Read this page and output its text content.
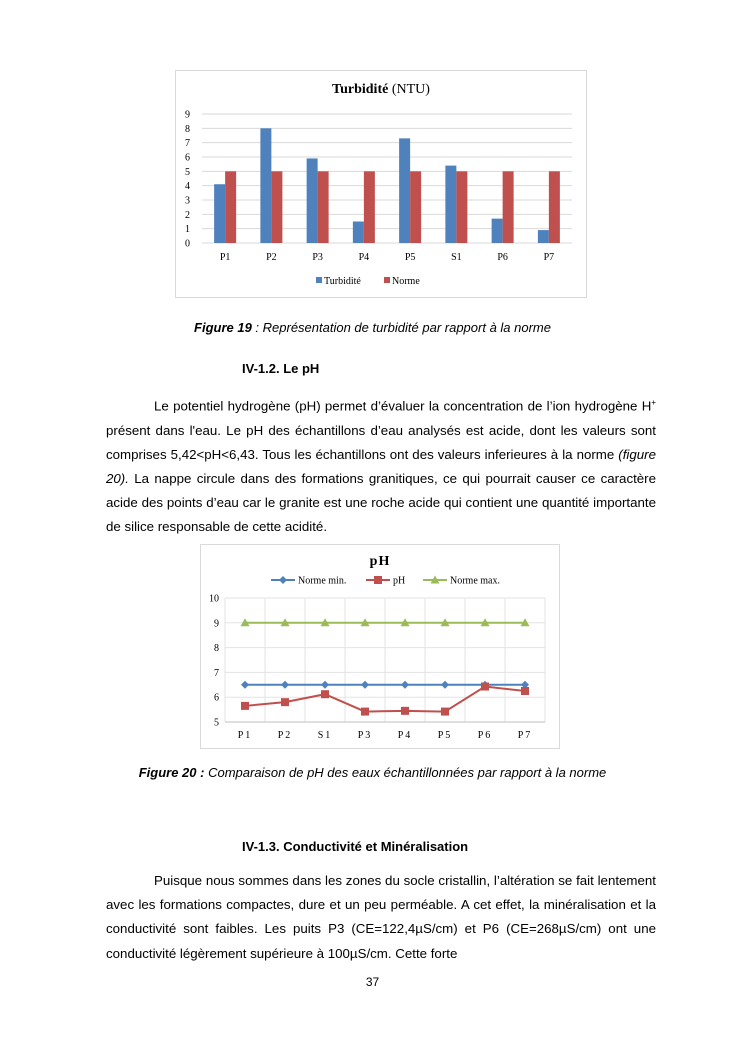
Turbidité (NTU)
0
1
2
3
4
5
6
7
8
9
P1	P2	P3	P4	P5	S1	P6	P7
Turbidité	Norme
Figure 19 : Représentation de turbidité par rapport à la norme
IV-1.2. Le pH
Le potentiel hydrogène (pH) permet d’évaluer la concentration de l’ion hydrogène H+ présent dans l'eau. Le pH des échantillons d’eau analysés est acide, dont les valeurs sont comprises 5,42<pH<6,43. Tous les échantillons ont des valeurs inferieures à la norme (figure 20). La nappe circule dans des formations granitiques, ce qui pourrait causer ce caractère acide des points d’eau car le granite est une roche acide qui contient une quantité importante de silice responsable de cette acidité.
pH
5
6
7
8
9
10
P1	P2	S1	P3	P4	P5	P6	P7
Norme min.	pH	Norme max.
Figure 20 : Comparaison de pH des eaux échantillonnées par rapport à la norme
IV-1.3. Conductivité et Minéralisation
Puisque nous sommes dans les zones du socle cristallin, l’altération se fait lentement avec les formations compactes, dure et un peu perméable. A cet effet, la minéralisation et la conductivité sont faibles. Les puits P3 (CE=122,4µS/cm) et P6 (CE=268µS/cm) ont une conductivité légèrement supérieure à 100µS/cm. Cette forte
37
